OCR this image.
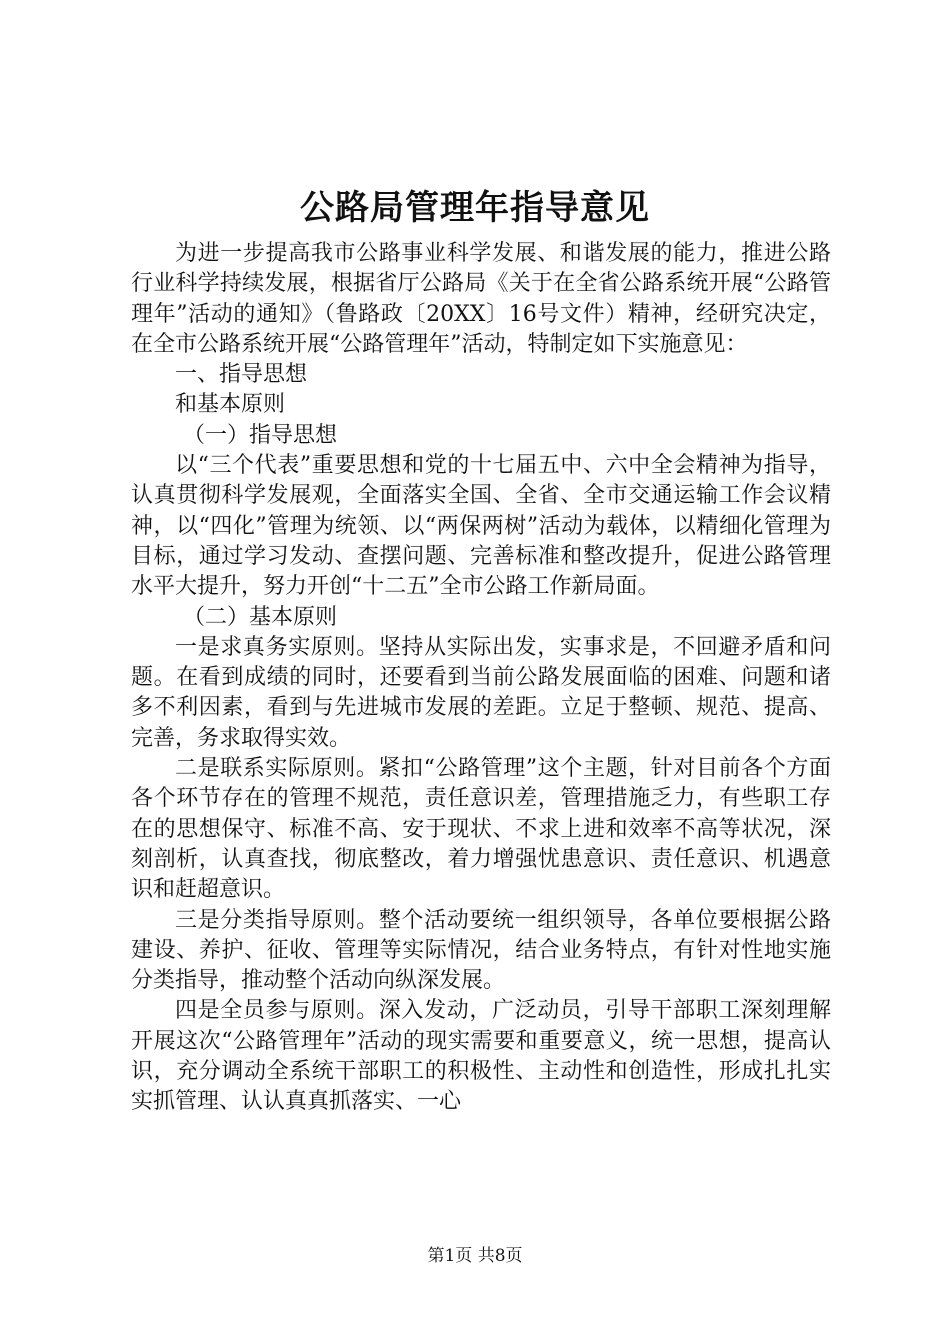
公路局管理年指导意见

为进一步提高我市公路事业科学发展、和谐发展的能力，推进公路行业科学持续发展，根据省厅公路局《关于在全省公路系统开展“公路管理年”活动的通知》（鲁路政〔20XX〕16号文件）精神，经研究决定，在全市公路系统开展“公路管理年”活动，特制定如下实施意见：

一、指导思想

和基本原则

（一）指导思想

以“三个代表”重要思想和党的十七届五中、六中全会精神为指导，认真贯彻科学发展观，全面落实全国、全省、全市交通运输工作会议精神，以“四化”管理为统领、以“两保两树”活动为载体，以精细化管理为目标，通过学习发动、查摆问题、完善标准和整改提升，促进公路管理水平大提升，努力开创“十二五”全市公路工作新局面。

（二）基本原则

一是求真务实原则。坚持从实际出发，实事求是，不回避矛盾和问题。在看到成绩的同时，还要看到当前公路发展面临的困难、问题和诸多不利因素，看到与先进城市发展的差距。立足于整顿、规范、提高、完善，务求取得实效。

二是联系实际原则。紧扣“公路管理”这个主题，针对目前各个方面各个环节存在的管理不规范，责任意识差，管理措施乏力，有些职工存在的思想保守、标准不高、安于现状、不求上进和效率不高等状况，深刻剖析，认真查找，彻底整改，着力增强忧患意识、责任意识、机遇意识和赶超意识。

三是分类指导原则。整个活动要统一组织领导，各单位要根据公路建设、养护、征收、管理等实际情况，结合业务特点，有针对性地实施分类指导，推动整个活动向纵深发展。

四是全员参与原则。深入发动，广泛动员，引导干部职工深刻理解开展这次“公路管理年”活动的现实需要和重要意义，统一思想，提高认识，充分调动全系统干部职工的积极性、主动性和创造性，形成扎扎实实抓管理、认认真真抓落实、一心

第1页 共8页
